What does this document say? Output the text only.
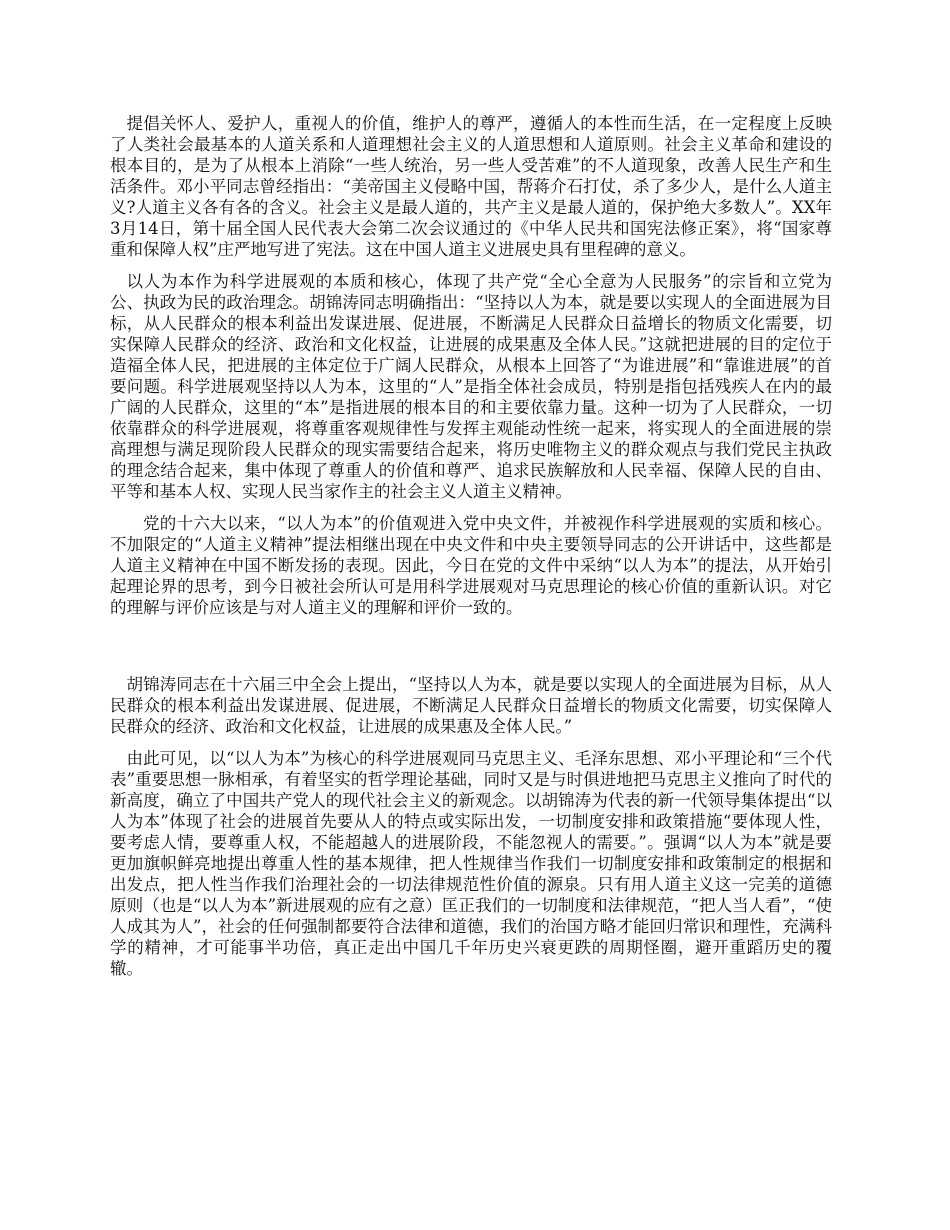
提倡关怀人、爱护人，重视人的价值，维护人的尊严，遵循人的本性而生活，在一定程度上反映了人类社会最基本的人道关系和人道理想社会主义的人道思想和人道原则。社会主义革命和建设的根本目的，是为了从根本上消除“一些人统治，另一些人受苦难”的不人道现象，改善人民生产和生活条件。邓小平同志曾经指出：“美帝国主义侵略中国，帮蒋介石打仗，杀了多少人，是什么人道主义?人道主义各有各的含义。社会主义是最人道的，共产主义是最人道的，保护绝大多数人”。XX年3月14日，第十届全国人民代表大会第二次会议通过的《中华人民共和国宪法修正案》，将“国家尊重和保障人权”庄严地写进了宪法。这在中国人道主义进展史具有里程碑的意义。

以人为本作为科学进展观的本质和核心，体现了共产党“全心全意为人民服务”的宗旨和立党为公、执政为民的政治理念。胡锦涛同志明确指出：“坚持以人为本，就是要以实现人的全面进展为目标，从人民群众的根本利益出发谋进展、促进展，不断满足人民群众日益增长的物质文化需要，切实保障人民群众的经济、政治和文化权益，让进展的成果惠及全体人民。”这就把进展的目的定位于造福全体人民，把进展的主体定位于广阔人民群众，从根本上回答了“为谁进展”和“靠谁进展”的首要问题。科学进展观坚持以人为本，这里的“人”是指全体社会成员，特别是指包括残疾人在内的最广阔的人民群众，这里的“本”是指进展的根本目的和主要依靠力量。这种一切为了人民群众，一切依靠群众的科学进展观，将尊重客观规律性与发挥主观能动性统一起来，将实现人的全面进展的崇高理想与满足现阶段人民群众的现实需要结合起来，将历史唯物主义的群众观点与我们党民主执政的理念结合起来，集中体现了尊重人的价值和尊严、追求民族解放和人民幸福、保障人民的自由、平等和基本人权、实现人民当家作主的社会主义人道主义精神。

党的十六大以来，“以人为本”的价值观进入党中央文件，并被视作科学进展观的实质和核心。不加限定的“人道主义精神”提法相继出现在中央文件和中央主要领导同志的公开讲话中，这些都是人道主义精神在中国不断发扬的表现。因此，今日在党的文件中采纳“以人为本”的提法，从开始引起理论界的思考，到今日被社会所认可是用科学进展观对马克思理论的核心价值的重新认识。对它的理解与评价应该是与对人道主义的理解和评价一致的。

胡锦涛同志在十六届三中全会上提出，“坚持以人为本，就是要以实现人的全面进展为目标，从人民群众的根本利益出发谋进展、促进展，不断满足人民群众日益增长的物质文化需要，切实保障人民群众的经济、政治和文化权益，让进展的成果惠及全体人民。”

由此可见，以“以人为本”为核心的科学进展观同马克思主义、毛泽东思想、邓小平理论和“三个代表”重要思想一脉相承，有着坚实的哲学理论基础，同时又是与时俱进地把马克思主义推向了时代的新高度，确立了中国共产党人的现代社会主义的新观念。以胡锦涛为代表的新一代领导集体提出“以人为本”体现了社会的进展首先要从人的特点或实际出发，一切制度安排和政策措施“要体现人性，要考虑人情，要尊重人权，不能超越人的进展阶段，不能忽视人的需要。”。强调“以人为本”就是要更加旗帜鲜亮地提出尊重人性的基本规律，把人性规律当作我们一切制度安排和政策制定的根据和出发点，把人性当作我们治理社会的一切法律规范性价值的源泉。只有用人道主义这一完美的道德原则（也是“以人为本”新进展观的应有之意）匡正我们的一切制度和法律规范，“把人当人看”，“使人成其为人”，社会的任何强制都要符合法律和道德，我们的治国方略才能回归常识和理性，充满科学的精神，才可能事半功倍，真正走出中国几千年历史兴衰更跌的周期怪圈，避开重蹈历史的覆辙。
